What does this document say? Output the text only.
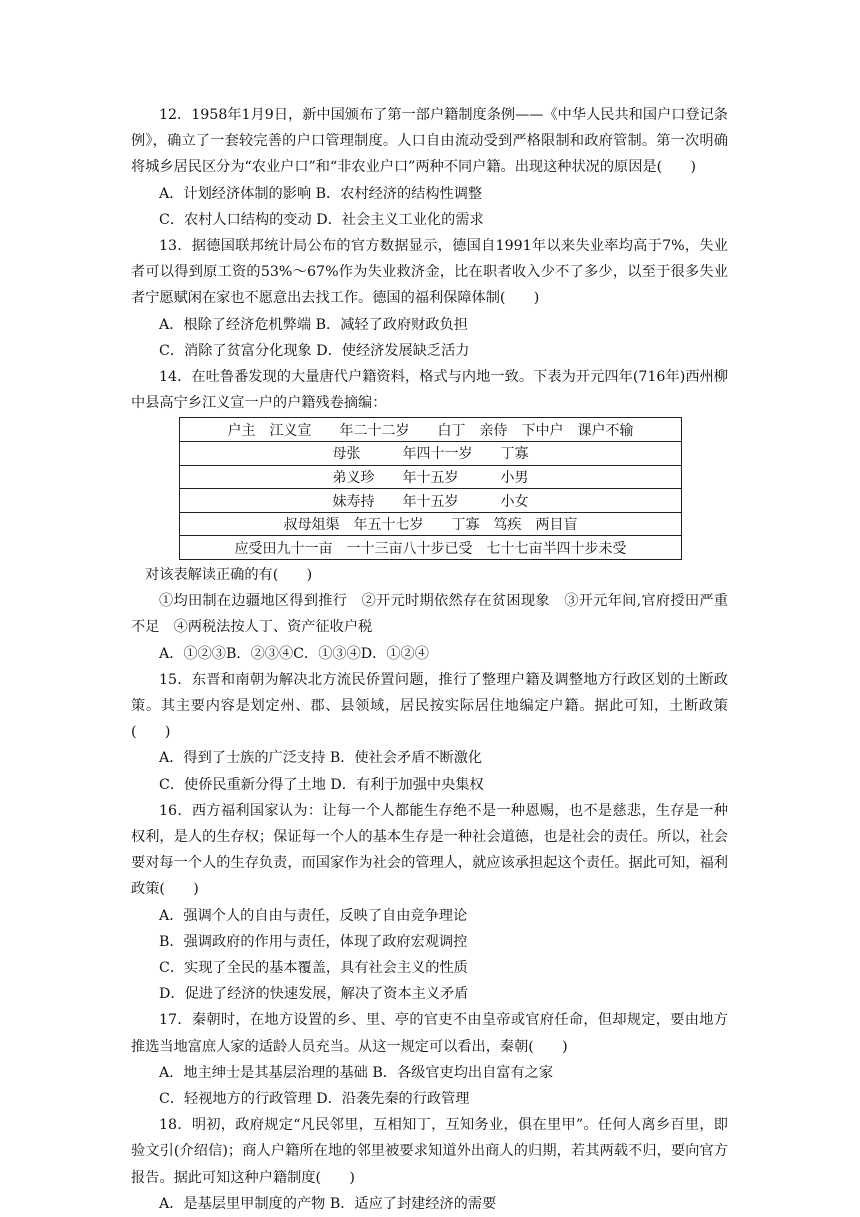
12．1958年1月9日，新中国颁布了第一部户籍制度条例——《中华人民共和国户口登记条例》，确立了一套较完善的户口管理制度。人口自由流动受到严格限制和政府管制。第一次明确将城乡居民区分为“农业户口”和“非农业户口”两种不同户籍。出现这种状况的原因是(　　)

A．计划经济体制的影响 B．农村经济的结构性调整

C．农村人口结构的变动 D．社会主义工业化的需求

13．据德国联邦统计局公布的官方数据显示，德国自1991年以来失业率均高于7%，失业者可以得到原工资的53%～67%作为失业救济金，比在职者收入少不了多少，以至于很多失业者宁愿赋闲在家也不愿意出去找工作。德国的福利保障体制(　　)

A．根除了经济危机弊端 B．减轻了政府财政负担

C．消除了贫富分化现象 D．使经济发展缺乏活力

14．在吐鲁番发现的大量唐代户籍资料，格式与内地一致。下表为开元四年(716年)西州柳中县高宁乡江义宣一户的户籍残卷摘编：

户主　江义宣　　年二十二岁　　白丁　亲侍　下中户　课户不输
母张　　　年四十一岁　　丁寡
弟义珍　　年十五岁　　　小男
妹寿持　　年十五岁　　　小女
叔母俎渠　年五十七岁　　丁寡　笃疾　两目盲
应受田九十一亩　一十三亩八十步已受　七十七亩半四十步未受

对该表解读正确的有(　　)

①均田制在边疆地区得到推行　②开元时期依然存在贫困现象　③开元年间,官府授田严重不足　④两税法按人丁、资产征收户税

A．①②③B．②③④C．①③④D．①②④

15．东晋和南朝为解决北方流民侨置问题，推行了整理户籍及调整地方行政区划的土断政策。其主要内容是划定州、郡、县领域，居民按实际居住地编定户籍。据此可知，土断政策(　　)

A．得到了士族的广泛支持 B．使社会矛盾不断激化

C．使侨民重新分得了土地 D．有利于加强中央集权

16．西方福利国家认为：让每一个人都能生存绝不是一种恩赐，也不是慈悲，生存是一种权利，是人的生存权；保证每一个人的基本生存是一种社会道德，也是社会的责任。所以，社会要对每一个人的生存负责，而国家作为社会的管理人，就应该承担起这个责任。据此可知，福利政策(　　)

A．强调个人的自由与责任，反映了自由竞争理论

B．强调政府的作用与责任，体现了政府宏观调控

C．实现了全民的基本覆盖，具有社会主义的性质

D．促进了经济的快速发展，解决了资本主义矛盾

17．秦朝时，在地方设置的乡、里、亭的官吏不由皇帝或官府任命，但却规定，要由地方推选当地富庶人家的适龄人员充当。从这一规定可以看出，秦朝(　　)

A．地主绅士是其基层治理的基础 B．各级官吏均出自富有之家

C．轻视地方的行政管理 D．沿袭先秦的行政管理

18．明初，政府规定“凡民邻里，互相知丁，互知务业，俱在里甲”。任何人离乡百里，即验文引(介绍信)；商人户籍所在地的邻里被要求知道外出商人的归期，若其两载不归，要向官方报告。据此可知这种户籍制度(　　)

A．是基层里甲制度的产物 B．适应了封建经济的需要
